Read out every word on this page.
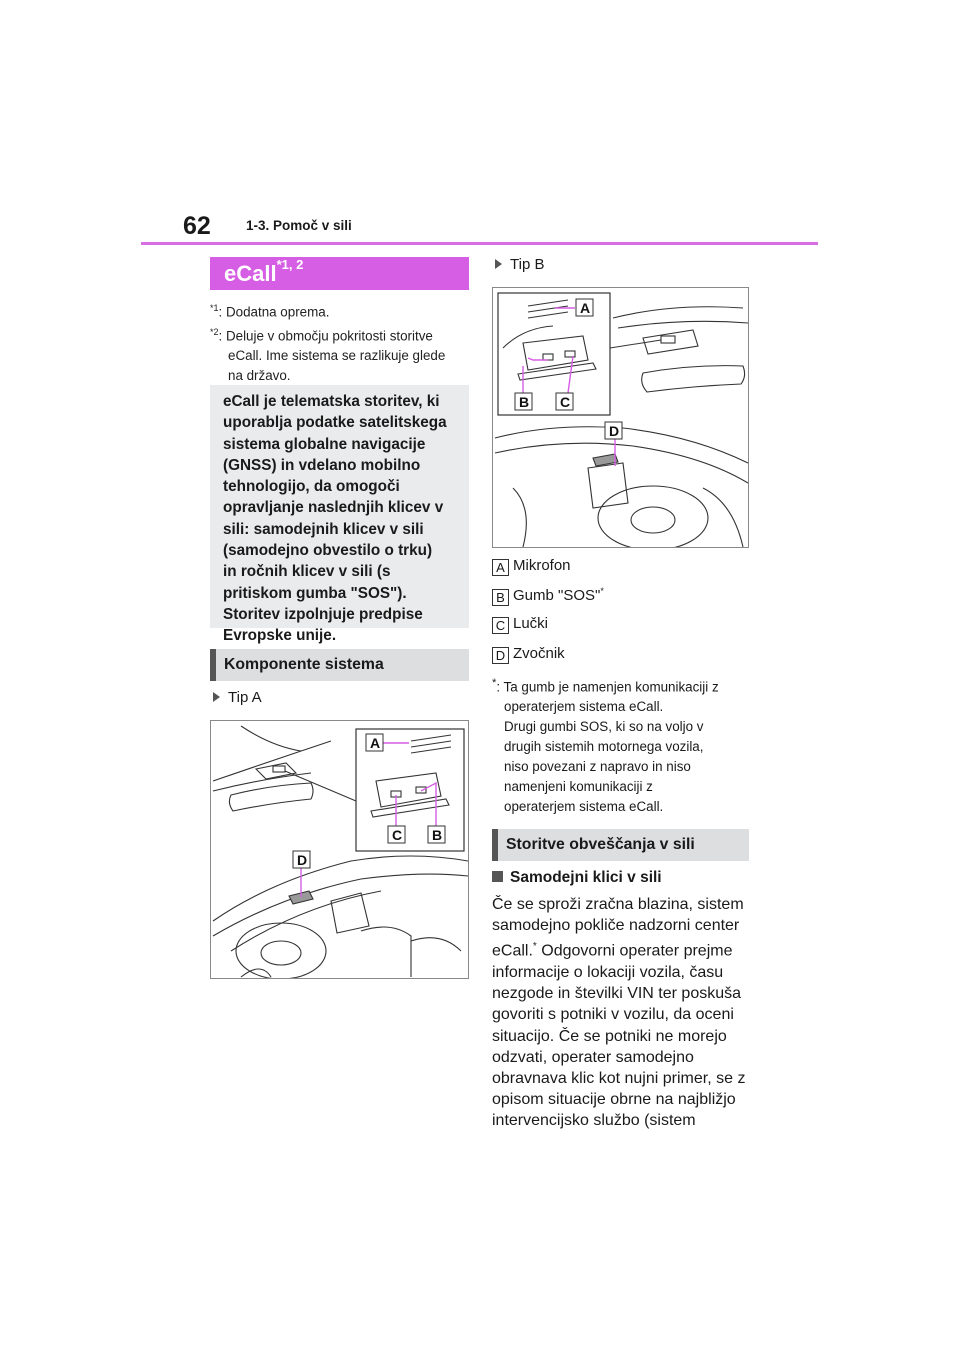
62	1-3. Pomoč v sili
eCall$^{*1, 2}$
$^{*1}$: Dodatna oprema.
$^{*2}$: Deluje v območju pokritosti storitve
eCall. Ime sistema se razlikuje glede
na državo.
eCall je telematska storitev, ki
uporablja podatke satelitskega
sistema globalne navigacije
(GNSS) in vdelano mobilno
tehnologijo, da omogoči
opravljanje naslednjih klicev v
sili: samodejnih klicev v sili
(samodejno obvestilo o trku)
in ročnih klicev v sili (s
pritiskom gumba "SOS").
Storitev izpolnjuje predpise
Evropske unije.
Komponente sistema
Tip A
A
C B
D
Tip B
A
B C
D
A Mikrofon
B Gumb "SOS"*
C Lučki
D Zvočnik
*: Ta gumb je namenjen komunikaciji z
operaterjem sistema eCall.
Drugi gumbi SOS, ki so na voljo v
drugih sistemih motornega vozila,
niso povezani z napravo in niso
namenjeni komunikaciji z
operaterjem sistema eCall.
Storitve obveščanja v sili
Samodejni klici v sili
Če se sproži zračna blazina, sistem samodejno pokliče nadzorni center eCall.* Odgovorni operater prejme informacije o lokaciji vozila, času nezgode in številki VIN ter poskuša govoriti s potniki v vozilu, da oceni situacijo. Če se potniki ne morejo odzvati, operater samodejno obravnava klic kot nujni primer, se z opisom situacije obrne na najbližjo intervencijsko službo (sistem
